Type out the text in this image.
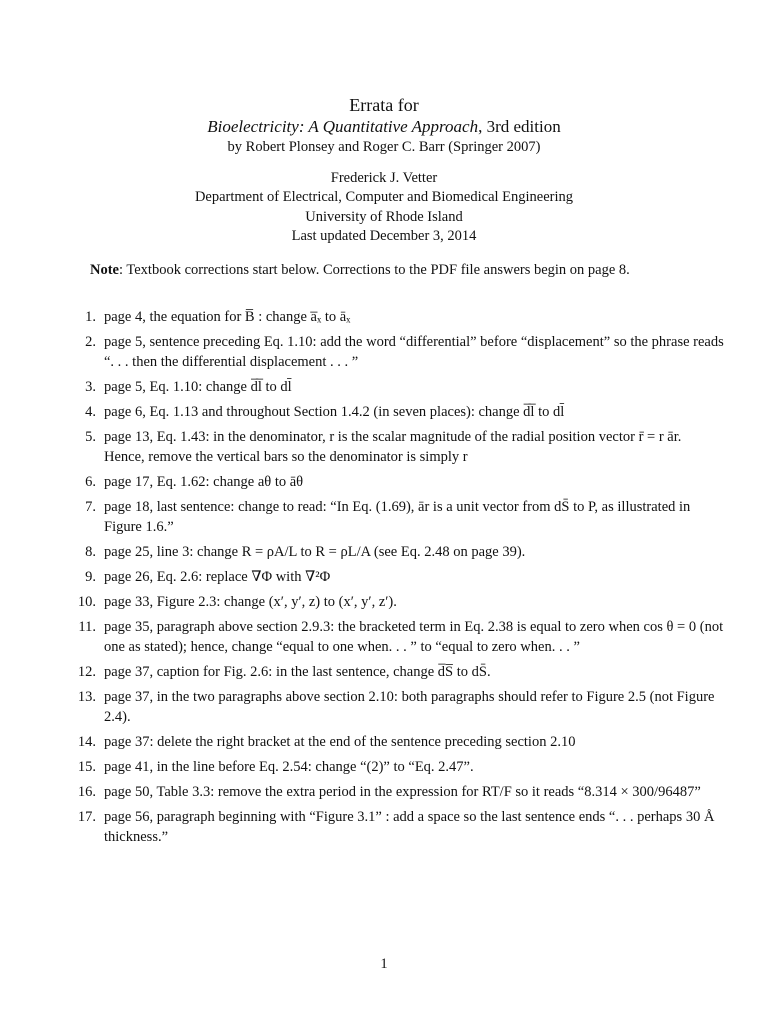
Errata for
Bioelectricity: A Quantitative Approach, 3rd edition
by Robert Plonsey and Roger C. Barr (Springer 2007)
Frederick J. Vetter
Department of Electrical, Computer and Biomedical Engineering
University of Rhode Island
Last updated December 3, 2014
Note: Textbook corrections start below. Corrections to the PDF file answers begin on page 8.
1. page 4, the equation for B̅ : change a̅ₓ to āₓ
2. page 5, sentence preceding Eq. 1.10: add the word “differential” before “displacement” so the phrase reads “. . . then the differential displacement . . . ”
3. page 5, Eq. 1.10: change d̅l̅ to dl̄
4. page 6, Eq. 1.13 and throughout Section 1.4.2 (in seven places): change d̅l̅ to dl̄
5. page 13, Eq. 1.43: in the denominator, r is the scalar magnitude of the radial position vector r̄ = r ār. Hence, remove the vertical bars so the denominator is simply r
6. page 17, Eq. 1.62: change aθ to āθ
7. page 18, last sentence: change to read: “In Eq. (1.69), ār is a unit vector from dS̄ to P, as illustrated in Figure 1.6.”
8. page 25, line 3: change R = ρA/L to R = ρL/A (see Eq. 2.48 on page 39).
9. page 26, Eq. 2.6: replace ∇Φ with ∇²Φ
10. page 33, Figure 2.3: change (x′, y′, z) to (x′, y′, z′).
11. page 35, paragraph above section 2.9.3: the bracketed term in Eq. 2.38 is equal to zero when cos θ = 0 (not one as stated); hence, change “equal to one when. . . ” to “equal to zero when. . . ”
12. page 37, caption for Fig. 2.6: in the last sentence, change d̅S̅ to dS̄.
13. page 37, in the two paragraphs above section 2.10: both paragraphs should refer to Figure 2.5 (not Figure 2.4).
14. page 37: delete the right bracket at the end of the sentence preceding section 2.10
15. page 41, in the line before Eq. 2.54: change “(2)” to “Eq. 2.47”.
16. page 50, Table 3.3: remove the extra period in the expression for RT/F so it reads “8.314 × 300/96487”
17. page 56, paragraph beginning with “Figure 3.1” : add a space so the last sentence ends “. . . perhaps 30 Å thickness.”
1
